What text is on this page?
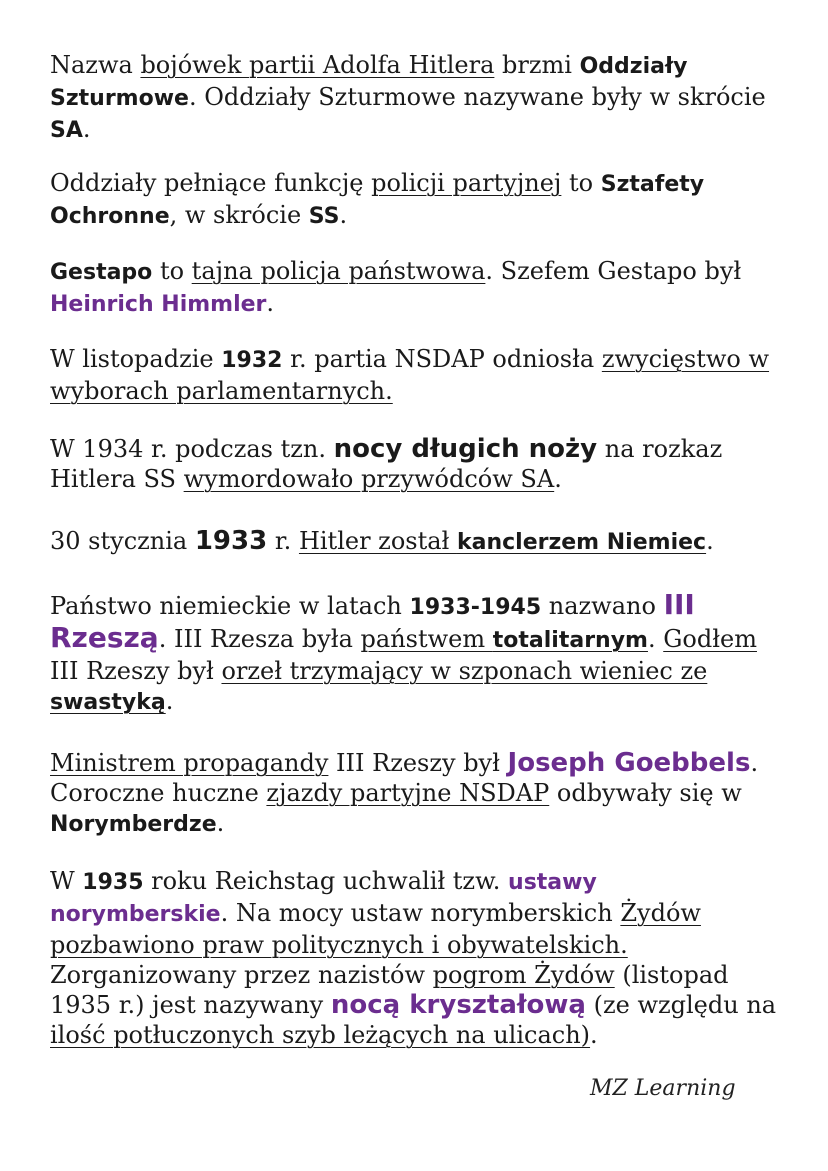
Nazwa bojówek partii Adolfa Hitlera brzmi Oddziały Szturmowe. Oddziały Szturmowe nazywane były w skrócie SA.

Oddziały pełniące funkcję policji partyjnej to Sztafety Ochronne, w skrócie SS.

Gestapo to tajna policja państwowa. Szefem Gestapo był Heinrich Himmler.

W listopadzie 1932 r. partia NSDAP odniosła zwycięstwo w wyborach parlamentarnych.

W 1934 r. podczas tzn. nocy długich noży na rozkaz Hitlera SS wymordowało przywódców SA.

30 stycznia 1933 r. Hitler został kanclerzem Niemiec.

Państwo niemieckie w latach 1933-1945 nazwano III Rzeszą. III Rzesza była państwem totalitarnym. Godłem III Rzeszy był orzeł trzymający w szponach wieniec ze swastyką.

Ministrem propagandy III Rzeszy był Joseph Goebbels. Coroczne huczne zjazdy partyjne NSDAP odbywały się w Norymberdze.

W 1935 roku Reichstag uchwalił tzw. ustawy norymberskie. Na mocy ustaw norymberskich Żydów pozbawiono praw politycznych i obywatelskich. Zorganizowany przez nazistów pogrom Żydów (listopad 1935 r.) jest nazywany nocą kryształową (ze względu na ilość potłuczonych szyb leżących na ulicach).

MZ Learning
